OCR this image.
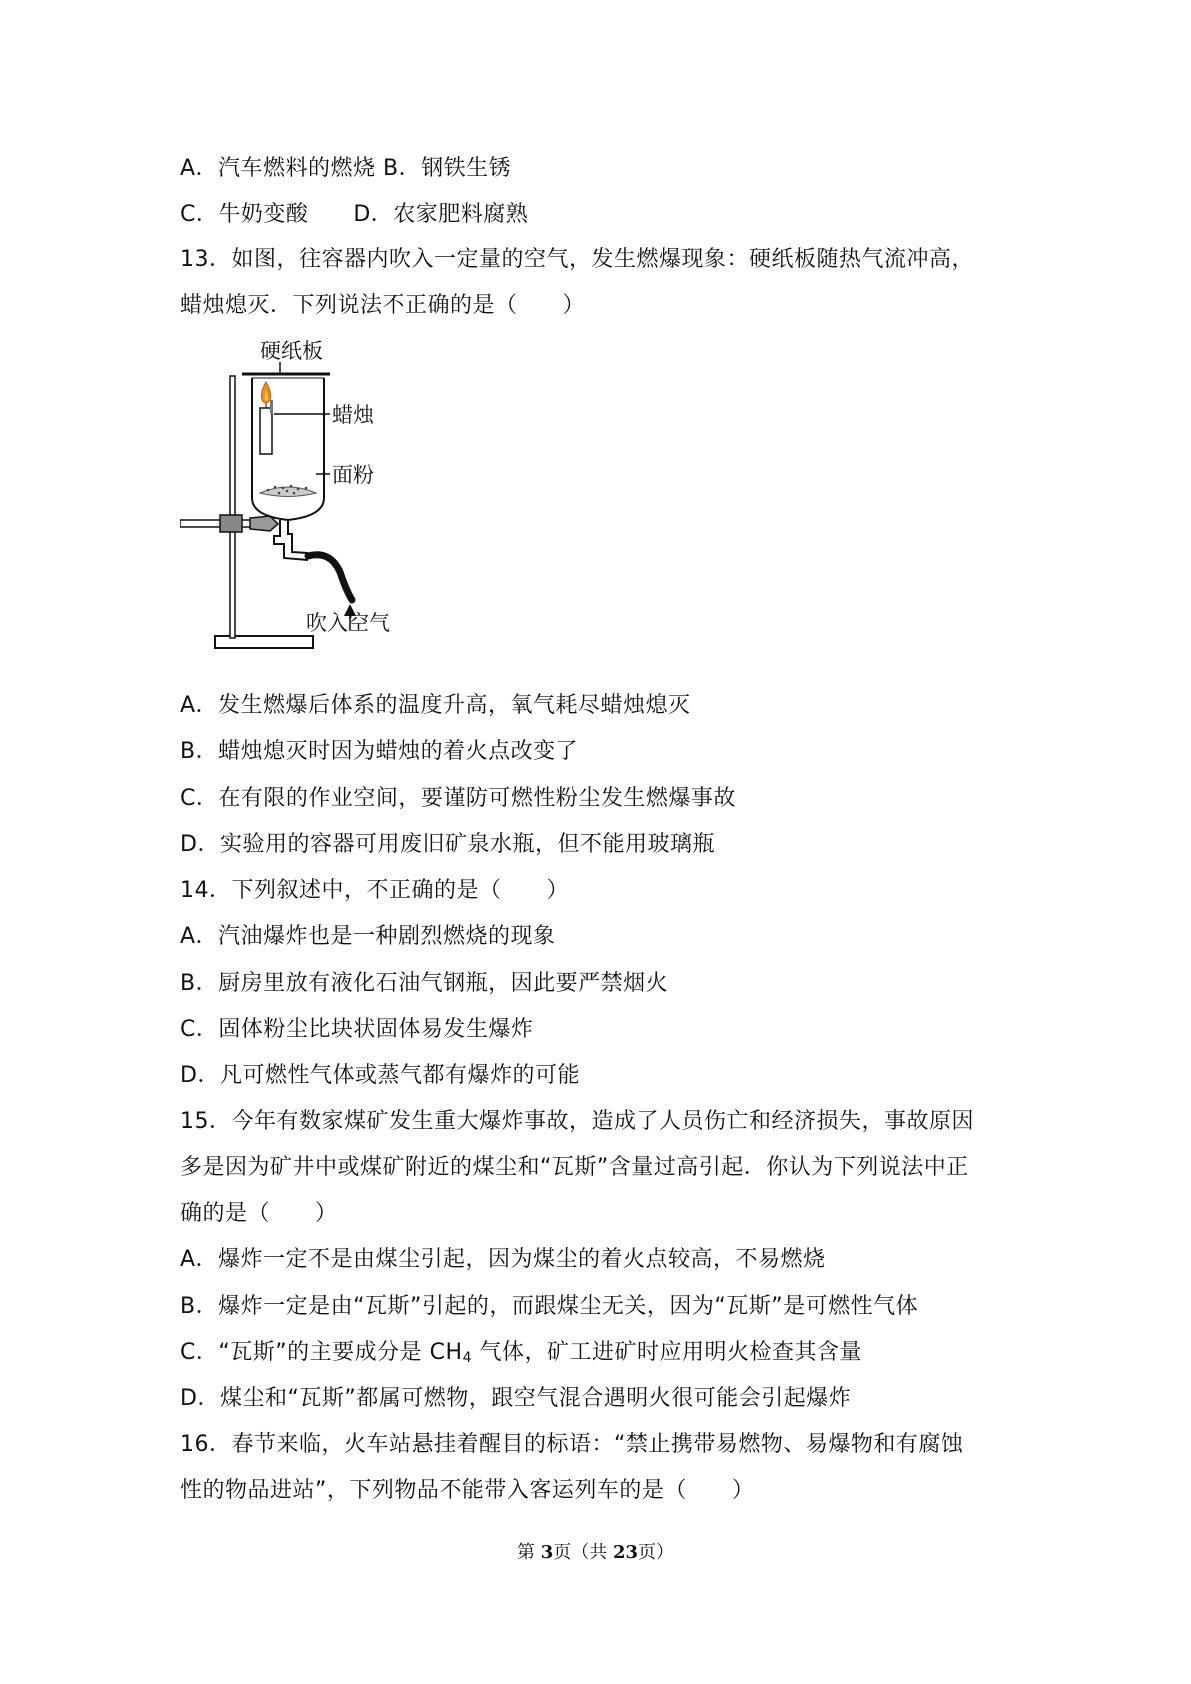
A．汽车燃料的燃烧 B．钢铁生锈
C．牛奶变酸　　D．农家肥料腐熟
13．如图，往容器内吹入一定量的空气，发生燃爆现象：硬纸板随热气流冲高，
蜡烛熄灭．下列说法不正确的是（　　）
硬纸板
蜡烛
面粉
吹入空气
A．发生燃爆后体系的温度升高，氧气耗尽蜡烛熄灭
B．蜡烛熄灭时因为蜡烛的着火点改变了
C．在有限的作业空间，要谨防可燃性粉尘发生燃爆事故
D．实验用的容器可用废旧矿泉水瓶，但不能用玻璃瓶
14．下列叙述中，不正确的是（　　）
A．汽油爆炸也是一种剧烈燃烧的现象
B．厨房里放有液化石油气钢瓶，因此要严禁烟火
C．固体粉尘比块状固体易发生爆炸
D．凡可燃性气体或蒸气都有爆炸的可能
15．今年有数家煤矿发生重大爆炸事故，造成了人员伤亡和经济损失，事故原因
多是因为矿井中或煤矿附近的煤尘和“瓦斯”含量过高引起．你认为下列说法中正
确的是（　　）
A．爆炸一定不是由煤尘引起，因为煤尘的着火点较高，不易燃烧
B．爆炸一定是由“瓦斯”引起的，而跟煤尘无关，因为“瓦斯”是可燃性气体
C．“瓦斯”的主要成分是 $CH_4$ 气体，矿工进矿时应用明火检查其含量
D．煤尘和“瓦斯”都属可燃物，跟空气混合遇明火很可能会引起爆炸
16．春节来临，火车站悬挂着醒目的标语：“禁止携带易燃物、易爆物和有腐蚀
性的物品进站”，下列物品不能带入客运列车的是（　　）
第 3页（共 23页）
